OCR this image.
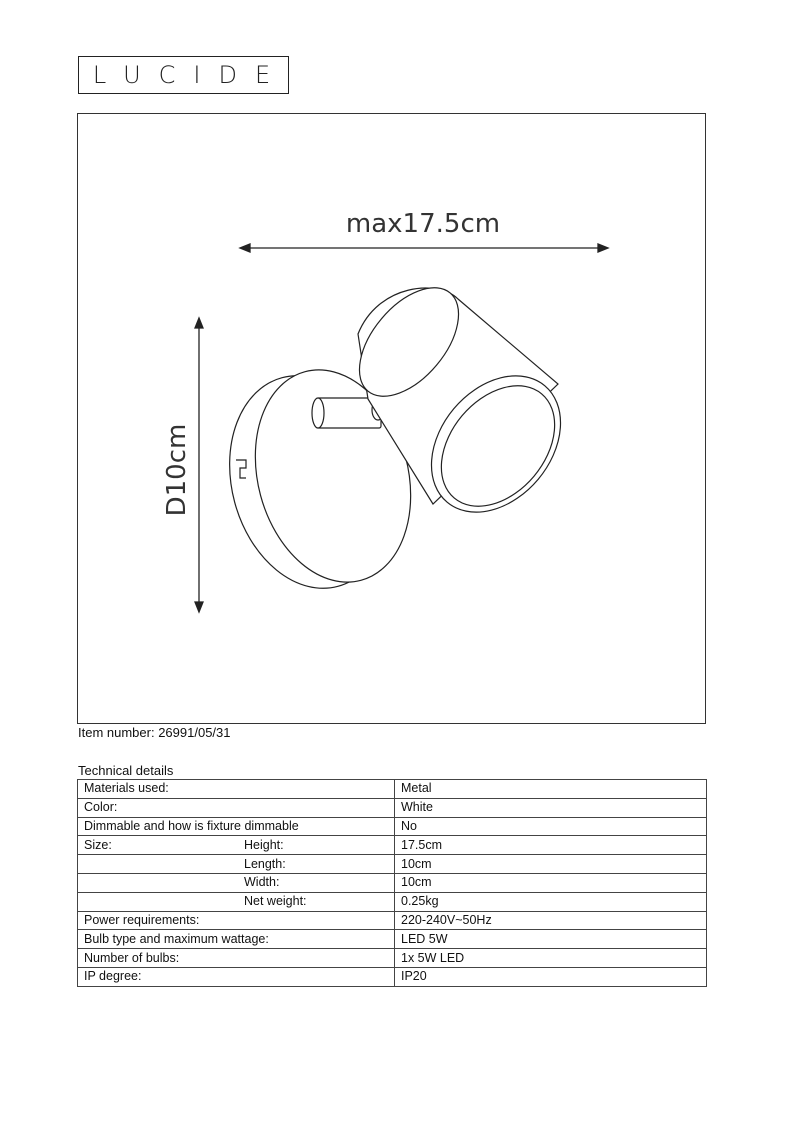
LUCIDE
max17.5cm
D10cm
Item number: 26991/05/31
Technical details
Materials used:	Metal

Color:	White

Dimmable and how is fixture dimmable	No

Size: Height:	17.5cm

Length:	10cm

Width:	10cm

Net weight:	0.25kg

Power requirements:	220-240V~50Hz

Bulb type and maximum wattage:	LED 5W

Number of bulbs:	1x 5W LED

IP degree:	IP20
